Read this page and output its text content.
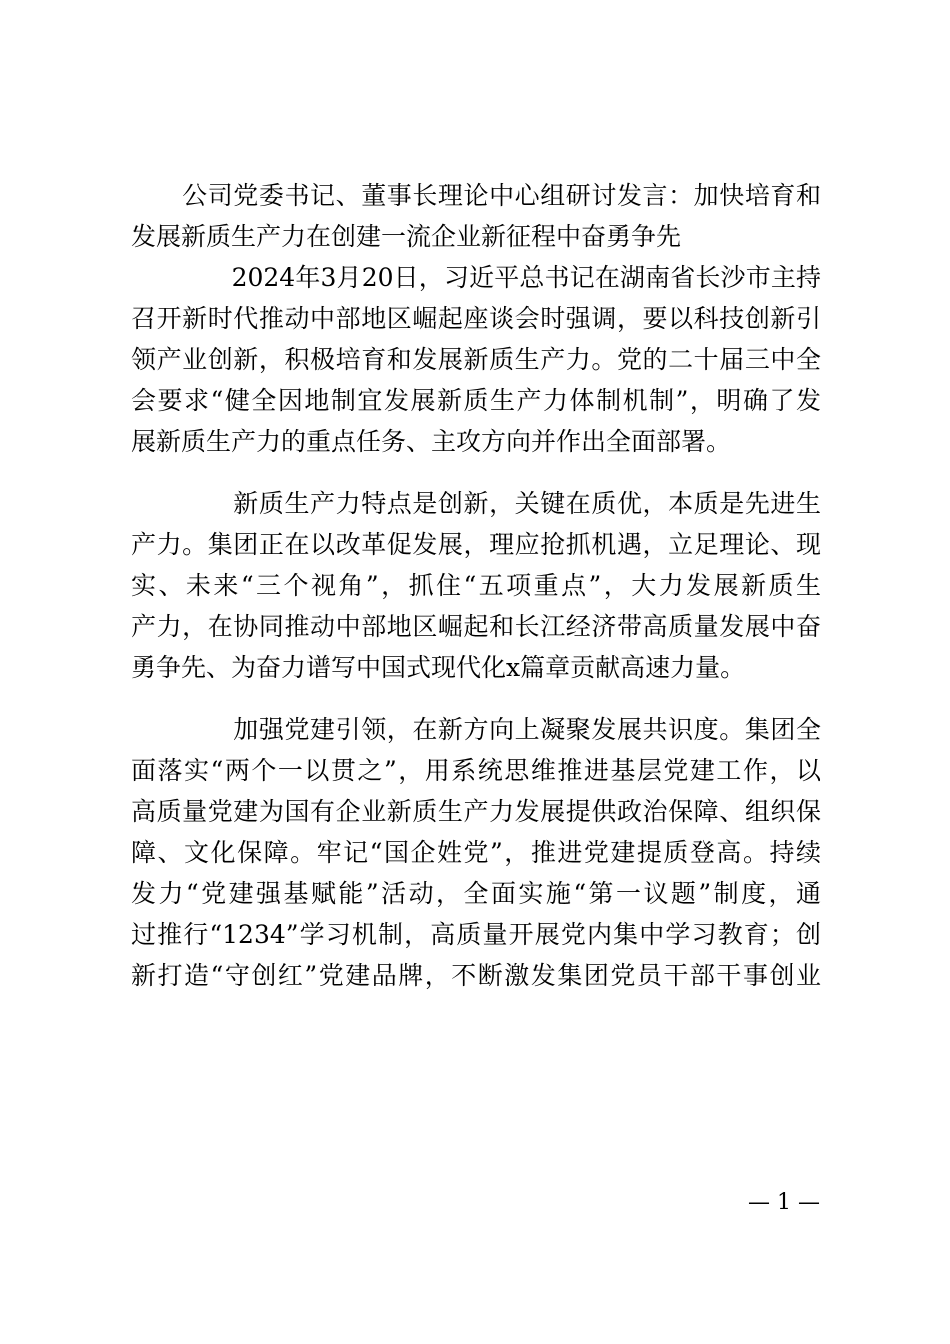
　　公司党委书记、董事长理论中心组研讨发言：加快培育和
发展新质生产力在创建一流企业新征程中奋勇争先
　　　　2024年3月20日，习近平总书记在湖南省长沙市主持
召开新时代推动中部地区崛起座谈会时强调，要以科技创新引
领产业创新，积极培育和发展新质生产力。党的二十届三中全
会要求“健全因地制宜发展新质生产力体制机制”，明确了发
展新质生产力的重点任务、主攻方向并作出全面部署。
　　　　新质生产力特点是创新，关键在质优，本质是先进生
产力。集团正在以改革促发展，理应抢抓机遇，立足理论、现
实、未来“三个视角”，抓住“五项重点”，大力发展新质生
产力，在协同推动中部地区崛起和长江经济带高质量发展中奋
勇争先、为奋力谱写中国式现代化x篇章贡献高速力量。
　　　　加强党建引领，在新方向上凝聚发展共识度。集团全
面落实“两个一以贯之”，用系统思维推进基层党建工作，以
高质量党建为国有企业新质生产力发展提供政治保障、组织保
障、文化保障。牢记“国企姓党”，推进党建提质登高。持续
发力“党建强基赋能”活动，全面实施“第一议题”制度，通
过推行“1234”学习机制，高质量开展党内集中学习教育；创
新打造“守创红”党建品牌，不断激发集团党员干部干事创业
— 1 —
